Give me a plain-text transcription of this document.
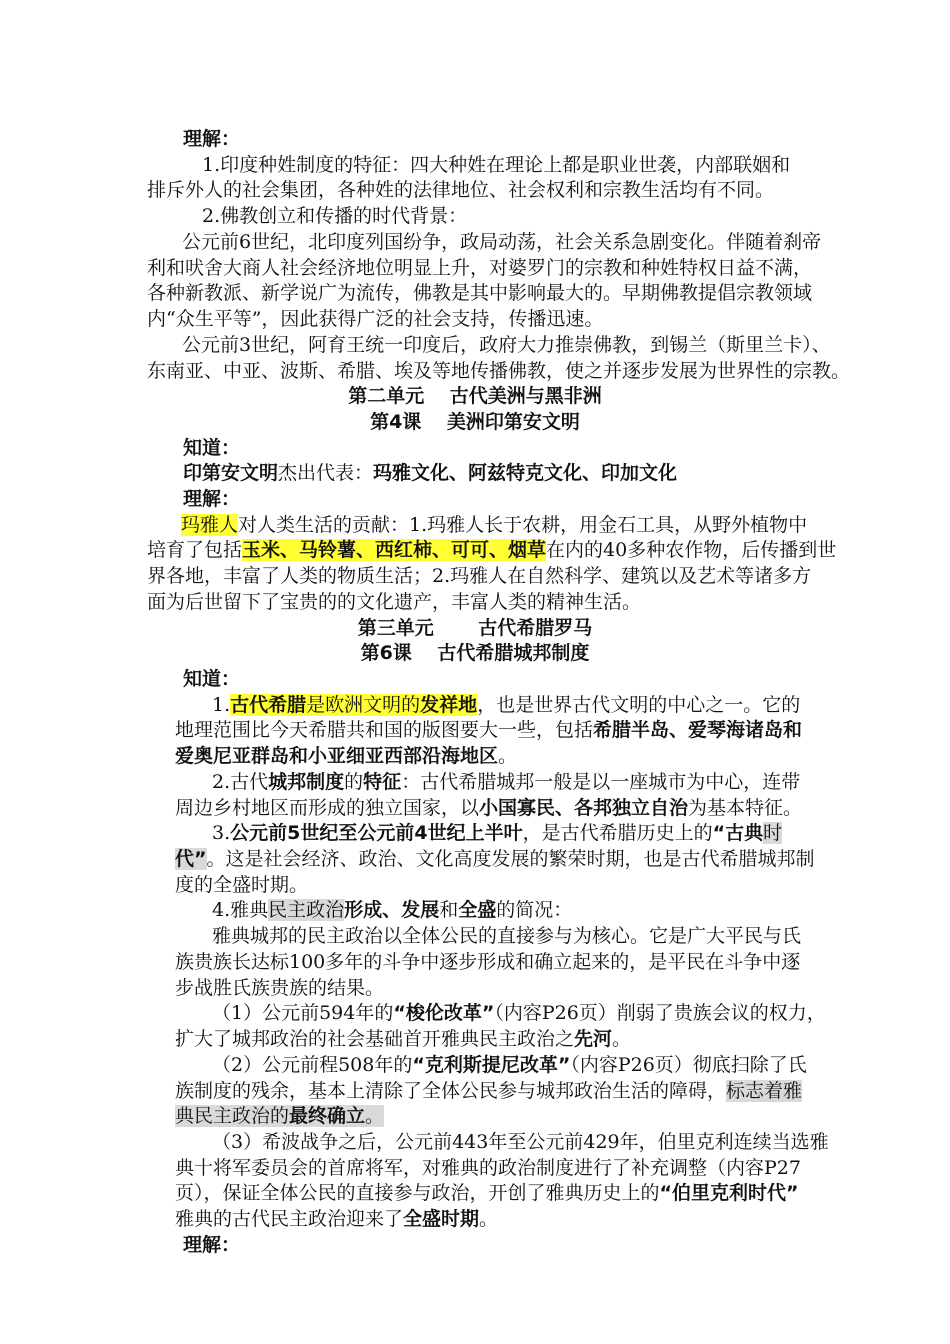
理解：
1.印度种姓制度的特征：四大种姓在理论上都是职业世袭，内部联姻和
排斥外人的社会集团，各种姓的法律地位、社会权利和宗教生活均有不同。
2.佛教创立和传播的时代背景：
公元前6世纪，北印度列国纷争，政局动荡，社会关系急剧变化。伴随着刹帝
利和吠舍大商人社会经济地位明显上升，对婆罗门的宗教和种姓特权日益不满，
各种新教派、新学说广为流传，佛教是其中影响最大的。早期佛教提倡宗教领域
内“众生平等”，因此获得广泛的社会支持，传播迅速。
公元前3世纪，阿育王统一印度后，政府大力推崇佛教，到锡兰（斯里兰卡）、
东南亚、中亚、波斯、希腊、埃及等地传播佛教，使之并逐步发展为世界性的宗教。
第二单元　 古代美洲与黑非洲
第4课　 美洲印第安文明
知道：
印第安文明杰出代表：玛雅文化、阿兹特克文化、印加文化
理解：
玛雅人对人类生活的贡献：1.玛雅人长于农耕，用金石工具，从野外植物中
培育了包括玉米、马铃薯、西红柿、可可、烟草在内的40多种农作物，后传播到世
界各地，丰富了人类的物质生活；2.玛雅人在自然科学、建筑以及艺术等诸多方
面为后世留下了宝贵的的文化遗产，丰富人类的精神生活。
第三单元　　 古代希腊罗马
第6课　 古代希腊城邦制度
知道：
1.古代希腊是欧洲文明的发祥地，也是世界古代文明的中心之一。它的
地理范围比今天希腊共和国的版图要大一些，包括希腊半岛、爱琴海诸岛和
爱奥尼亚群岛和小亚细亚西部沿海地区。
2.古代城邦制度的特征：古代希腊城邦一般是以一座城市为中心，连带
周边乡村地区而形成的独立国家，以小国寡民、各邦独立自治为基本特征。
3.公元前5世纪至公元前4世纪上半叶，是古代希腊历史上的“古典时
代”。这是社会经济、政治、文化高度发展的繁荣时期，也是古代希腊城邦制
度的全盛时期。
4.雅典民主政治形成、发展和全盛的简况：
雅典城邦的民主政治以全体公民的直接参与为核心。它是广大平民与氏
族贵族长达标100多年的斗争中逐步形成和确立起来的，是平民在斗争中逐
步战胜氏族贵族的结果。
（1）公元前594年的“梭伦改革”（内容P26页）削弱了贵族会议的权力，
扩大了城邦政治的社会基础首开雅典民主政治之先河。
（2）公元前程508年的“克利斯提尼改革”（内容P26页）彻底扫除了氏
族制度的残余，基本上清除了全体公民参与城邦政治生活的障碍，标志着雅
典民主政治的最终确立。
（3）希波战争之后，公元前443年至公元前429年，伯里克利连续当选雅
典十将军委员会的首席将军，对雅典的政治制度进行了补充调整（内容P27
页），保证全体公民的直接参与政治，开创了雅典历史上的“伯里克利时代”
雅典的古代民主政治迎来了全盛时期。
理解：
